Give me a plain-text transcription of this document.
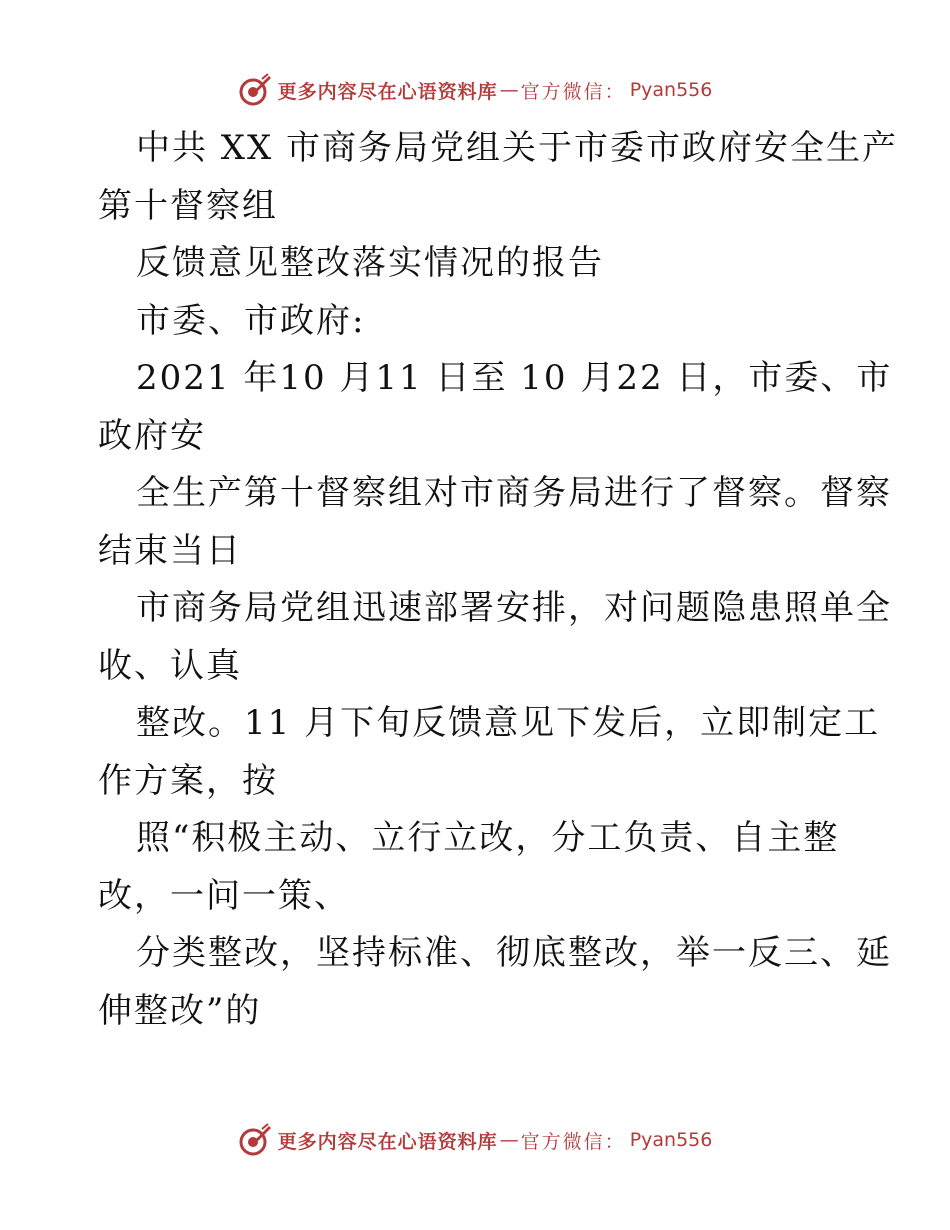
更多内容尽在心语资料库 — 官方微信： Pyan556
中共 XX 市商务局党组关于市委市政府安全生产
第十督察组
反馈意见整改落实情况的报告
市委、市政府:
2021 年10 月11 日至 10 月22 日，市委、市
政府安
全生产第十督察组对市商务局进行了督察。督察
结束当日
市商务局党组迅速部署安排，对问题隐患照单全
收、认真
整改。11 月下旬反馈意见下发后，立即制定工
作方案，按
照“积极主动、立行立改，分工负责、自主整
改，一问一策、
分类整改，坚持标准、彻底整改，举一反三、延
伸整改”的
更多内容尽在心语资料库 — 官方微信： Pyan556
